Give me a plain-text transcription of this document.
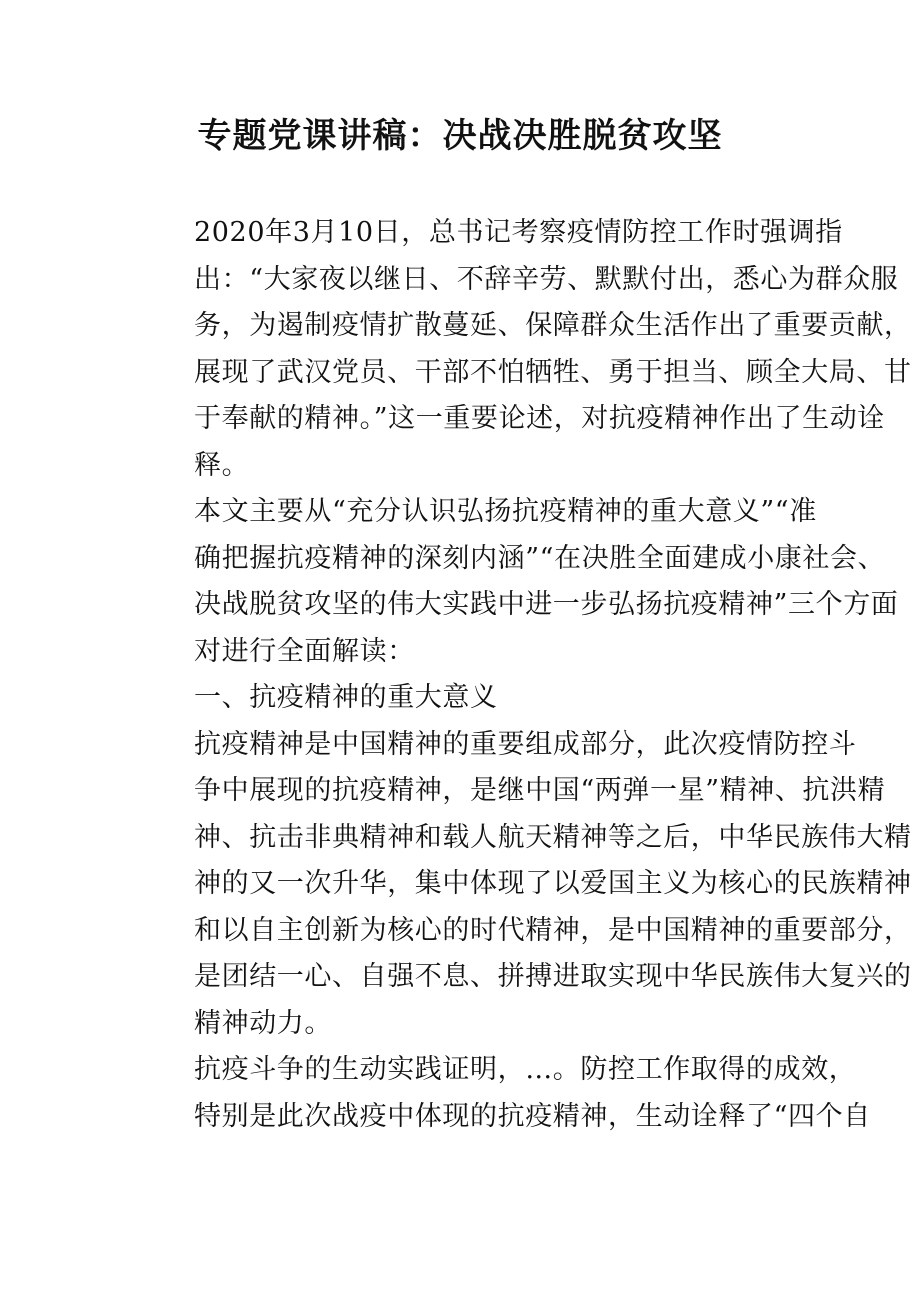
专题党课讲稿：决战决胜脱贫攻坚

2020年3月10日，总书记考察疫情防控工作时强调指
出：“大家夜以继日、不辞辛劳、默默付出，悉心为群众服
务，为遏制疫情扩散蔓延、保障群众生活作出了重要贡献，
展现了武汉党员、干部不怕牺牲、勇于担当、顾全大局、甘
于奉献的精神。”这一重要论述，对抗疫精神作出了生动诠
释。

本文主要从“充分认识弘扬抗疫精神的重大意义”“准
确把握抗疫精神的深刻内涵”“在决胜全面建成小康社会、
决战脱贫攻坚的伟大实践中进一步弘扬抗疫精神”三个方面
对进行全面解读：

一、抗疫精神的重大意义

抗疫精神是中国精神的重要组成部分，此次疫情防控斗
争中展现的抗疫精神，是继中国“两弹一星”精神、抗洪精
神、抗击非典精神和载人航天精神等之后，中华民族伟大精
神的又一次升华，集中体现了以爱国主义为核心的民族精神
和以自主创新为核心的时代精神，是中国精神的重要部分，
是团结一心、自强不息、拼搏进取实现中华民族伟大复兴的
精神动力。

抗疫斗争的生动实践证明，…。防控工作取得的成效，
特别是此次战疫中体现的抗疫精神，生动诠释了“四个自
